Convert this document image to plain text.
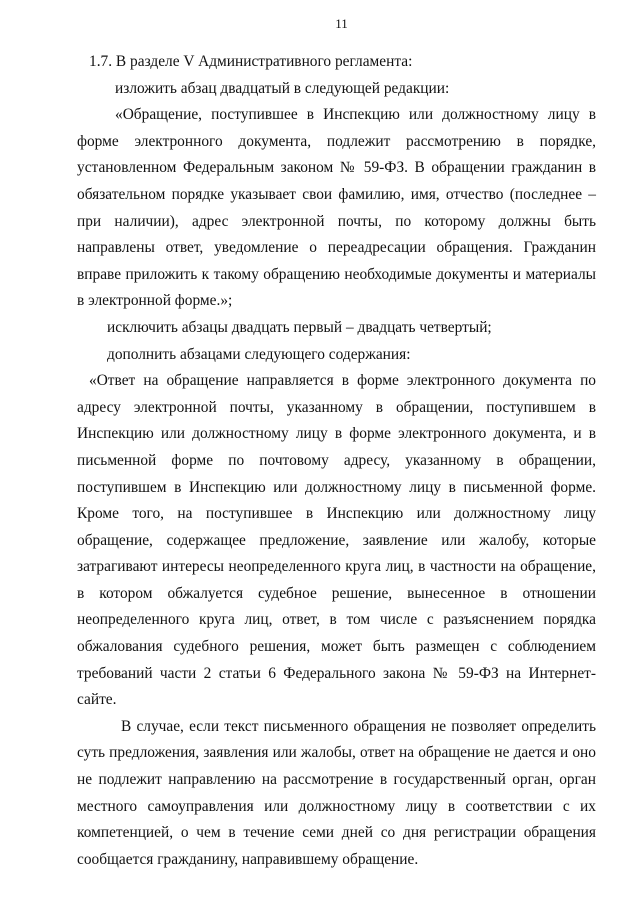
11

1.7. В разделе V Административного регламента:

изложить абзац двадцатый в следующей редакции:

«Обращение, поступившее в Инспекцию или должностному лицу в форме электронного документа, подлежит рассмотрению в порядке, установленном Федеральным законом № 59-ФЗ. В обращении гражданин в обязательном порядке указывает свои фамилию, имя, отчество (последнее – при наличии), адрес электронной почты, по которому должны быть направлены ответ, уведомление о переадресации обращения. Гражданин вправе приложить к такому обращению необходимые документы и материалы в электронной форме.»;

исключить абзацы двадцать первый – двадцать четвертый;

дополнить абзацами следующего содержания:

«Ответ на обращение направляется в форме электронного документа по адресу электронной почты, указанному в обращении, поступившем в Инспекцию или должностному лицу в форме электронного документа, и в письменной форме по почтовому адресу, указанному в обращении, поступившем в Инспекцию или должностному лицу в письменной форме. Кроме того, на поступившее в Инспекцию или должностному лицу обращение, содержащее предложение, заявление или жалобу, которые затрагивают интересы неопределенного круга лиц, в частности на обращение, в котором обжалуется судебное решение, вынесенное в отношении неопределенного круга лиц, ответ, в том числе с разъяснением порядка обжалования судебного решения, может быть размещен с соблюдением требований части 2 статьи 6 Федерального закона № 59-ФЗ на Интернет-сайте.

В случае, если текст письменного обращения не позволяет определить суть предложения, заявления или жалобы, ответ на обращение не дается и оно не подлежит направлению на рассмотрение в государственный орган, орган местного самоуправления или должностному лицу в соответствии с их компетенцией, о чем в течение семи дней со дня регистрации обращения сообщается гражданину, направившему обращение.
